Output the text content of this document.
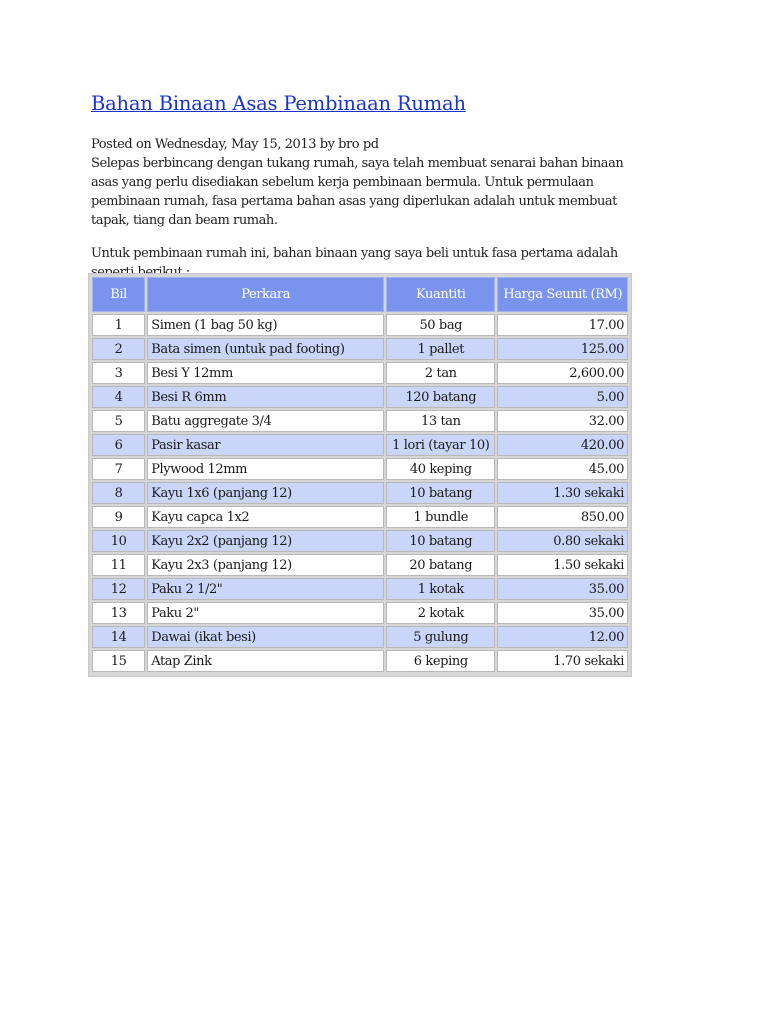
Bahan Binaan Asas Pembinaan Rumah

Posted on Wednesday, May 15, 2013 by bro pd

Selepas berbincang dengan tukang rumah, saya telah membuat senarai bahan binaan asas yang perlu disediakan sebelum kerja pembinaan bermula. Untuk permulaan pembinaan rumah, fasa pertama bahan asas yang diperlukan adalah untuk membuat tapak, tiang dan beam rumah.

Untuk pembinaan rumah ini, bahan binaan yang saya beli untuk fasa pertama adalah

Bil	Perkara	Kuantiti	Harga Seunit (RM)
1	Simen (1 bag 50 kg)	50 bag	17.00
2	Bata simen (untuk pad footing)	1 pallet	125.00
3	Besi Y 12mm	2 tan	2,600.00
4	Besi R 6mm	120 batang	5.00
5	Batu aggregate 3/4	13 tan	32.00
6	Pasir kasar	1 lori (tayar 10)	420.00
7	Plywood 12mm	40 keping	45.00
8	Kayu 1x6 (panjang 12)	10 batang	1.30 sekaki
9	Kayu capca 1x2	1 bundle	850.00
10	Kayu 2x2 (panjang 12)	10 batang	0.80 sekaki
11	Kayu 2x3 (panjang 12)	20 batang	1.50 sekaki
12	Paku 2 1/2"	1 kotak	35.00
13	Paku 2"	2 kotak	35.00
14	Dawai (ikat besi)	5 gulung	12.00
15	Atap Zink	6 keping	1.70 sekaki
